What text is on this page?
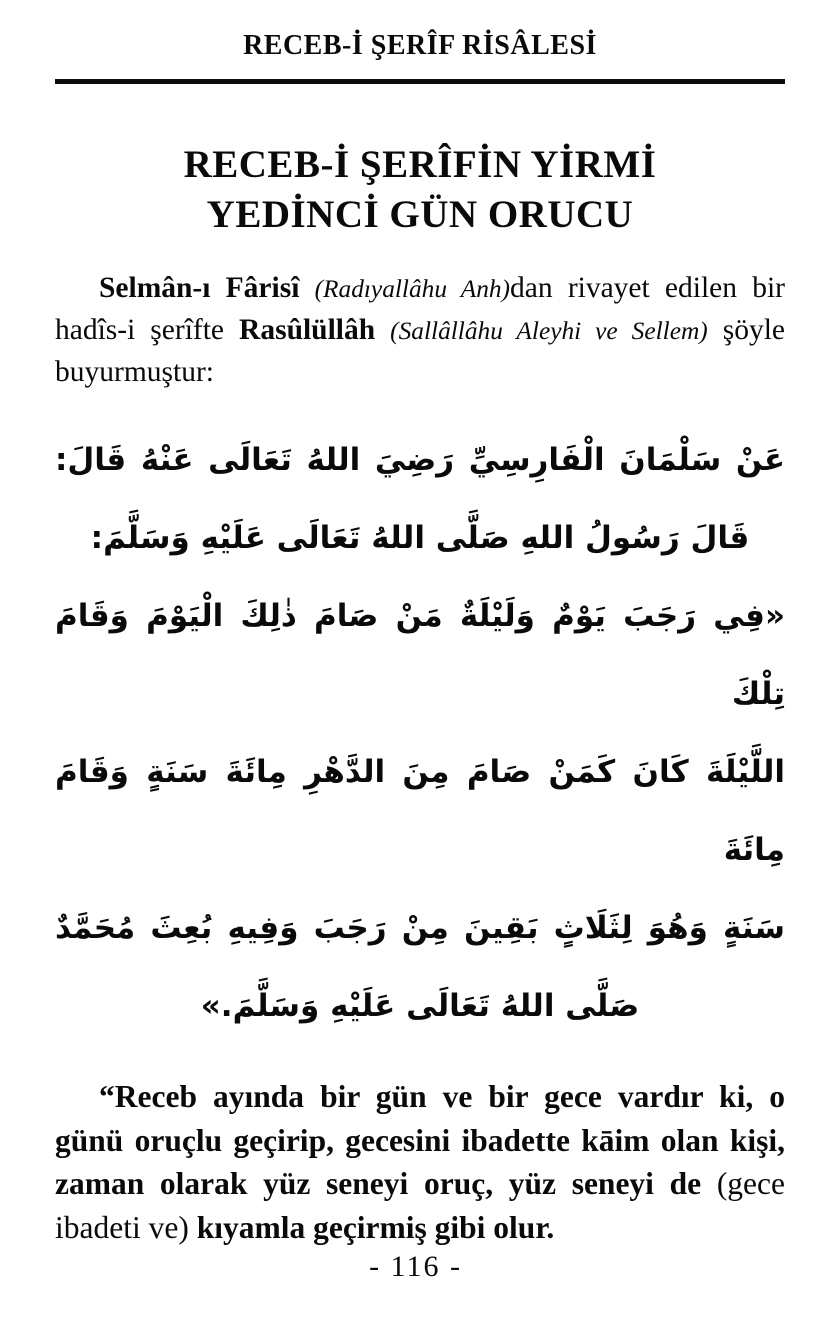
RECEB-İ ŞERÎF RİSÂLESİ
RECEB-İ ŞERÎFİN YİRMİ
YEDİNCİ GÜN ORUCU

Selmân-ı Fârisî (Radıyallâhu Anh)dan rivayet edilen bir hadîs-i şerîfte Rasûlüllâh (Sallâllâhu Aleyhi ve Sellem) şöyle buyurmuştur:

عَنْ سَلْمَانَ الْفَارِسِيِّ رَضِيَ اللهُ تَعَالَى عَنْهُ قَالَ:
قَالَ رَسُولُ اللهِ صَلَّى اللهُ تَعَالَى عَلَيْهِ وَسَلَّمَ:
«فِي رَجَبَ يَوْمٌ وَلَيْلَةٌ مَنْ صَامَ ذٰلِكَ الْيَوْمَ وَقَامَ تِلْكَ
اللَّيْلَةَ كَانَ كَمَنْ صَامَ مِنَ الدَّهْرِ مِائَةَ سَنَةٍ وَقَامَ مِائَةَ
سَنَةٍ وَهُوَ لِثَلَاثٍ بَقِينَ مِنْ رَجَبَ وَفِيهِ بُعِثَ مُحَمَّدٌ
صَلَّى اللهُ تَعَالَى عَلَيْهِ وَسَلَّمَ.»

“Receb ayında bir gün ve bir gece vardır ki, o günü oruçlu geçirip, gecesini ibadette kāim olan kişi, zaman olarak yüz seneyi oruç, yüz seneyi de (gece ibadeti ve) kıyamla geçirmiş gibi olur.

- 116 -
